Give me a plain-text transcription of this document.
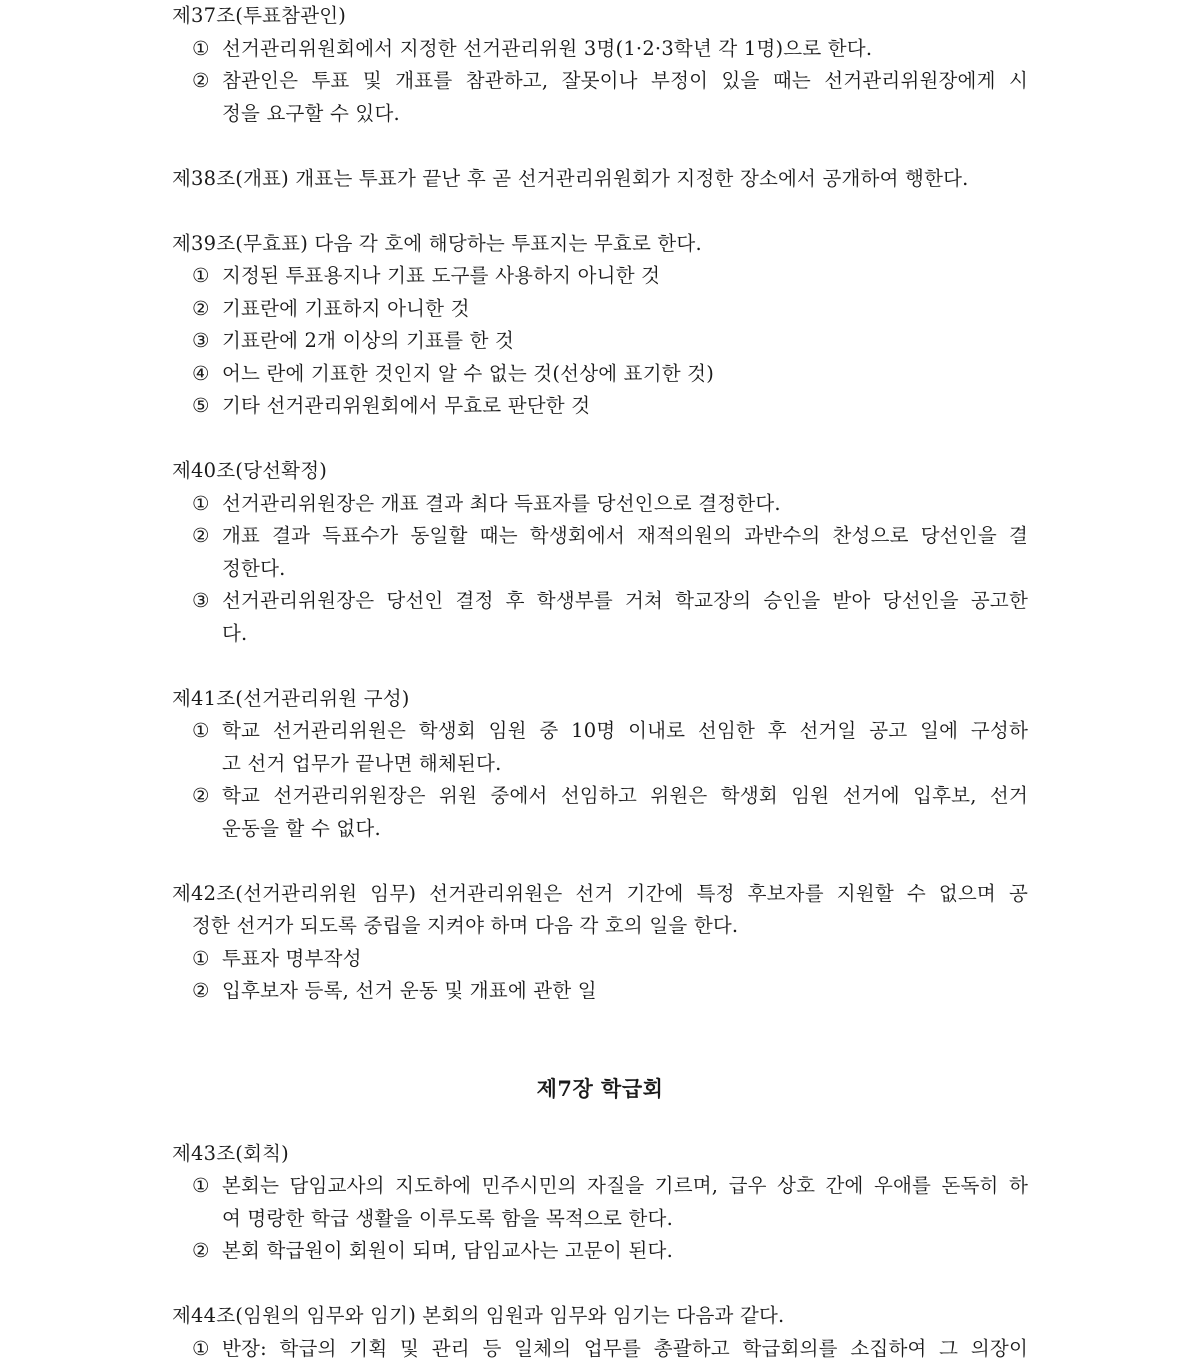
제37조(투표참관인)
① 선거관리위원회에서 지정한 선거관리위원 3명(1·2·3학년 각 1명)으로 한다.
② 참관인은 투표 및 개표를 참관하고, 잘못이나 부정이 있을 때는 선거관리위원장에게 시
정을 요구할 수 있다.
제38조(개표) 개표는 투표가 끝난 후 곧 선거관리위원회가 지정한 장소에서 공개하여 행한다.
제39조(무효표) 다음 각 호에 해당하는 투표지는 무효로 한다.
① 지정된 투표용지나 기표 도구를 사용하지 아니한 것
② 기표란에 기표하지 아니한 것
③ 기표란에 2개 이상의 기표를 한 것
④ 어느 란에 기표한 것인지 알 수 없는 것(선상에 표기한 것)
⑤ 기타 선거관리위원회에서 무효로 판단한 것
제40조(당선확정)
① 선거관리위원장은 개표 결과 최다 득표자를 당선인으로 결정한다.
② 개표 결과 득표수가 동일할 때는 학생회에서 재적의원의 과반수의 찬성으로 당선인을 결
정한다.
③ 선거관리위원장은 당선인 결정 후 학생부를 거쳐 학교장의 승인을 받아 당선인을 공고한
다.
제41조(선거관리위원 구성)
① 학교 선거관리위원은 학생회 임원 중 10명 이내로 선임한 후 선거일 공고 일에 구성하
고 선거 업무가 끝나면 해체된다.
② 학교 선거관리위원장은 위원 중에서 선임하고 위원은 학생회 임원 선거에 입후보, 선거
운동을 할 수 없다.
제42조(선거관리위원 임무) 선거관리위원은 선거 기간에 특정 후보자를 지원할 수 없으며 공
정한 선거가 되도록 중립을 지켜야 하며 다음 각 호의 일을 한다.
① 투표자 명부작성
② 입후보자 등록, 선거 운동 및 개표에 관한 일
제7장 학급회
제43조(회칙)
① 본회는 담임교사의 지도하에 민주시민의 자질을 기르며, 급우 상호 간에 우애를 돈독히 하
여 명랑한 학급 생활을 이루도록 함을 목적으로 한다.
② 본회 학급원이 회원이 되며, 담임교사는 고문이 된다.
제44조(임원의 임무와 임기) 본회의 임원과 임무와 임기는 다음과 같다.
① 반장: 학급의 기획 및 관리 등 일체의 업무를 총괄하고 학급회의를 소집하여 그 의장이
